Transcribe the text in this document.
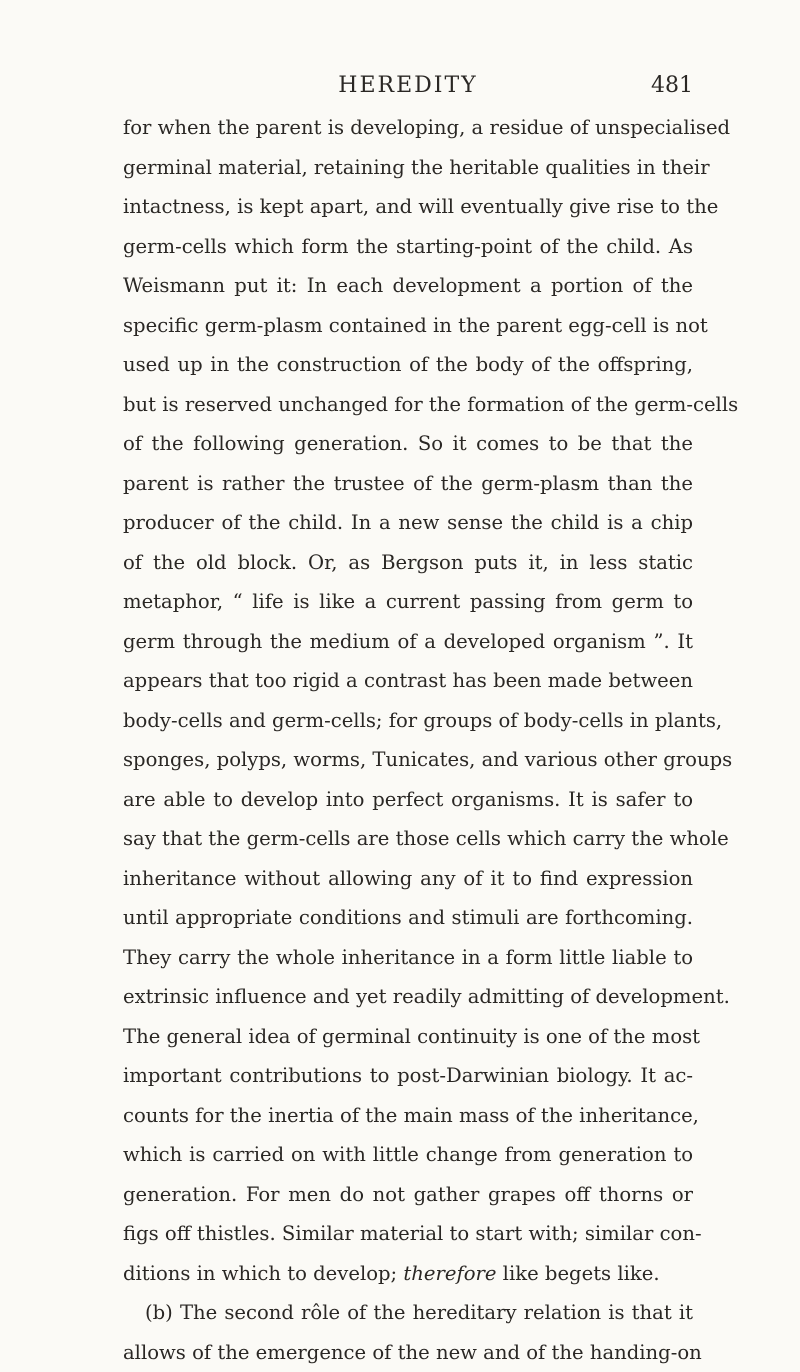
HEREDITY	481
for when the parent is developing, a residue of unspecialised
germinal material, retaining the heritable qualities in their
intactness, is kept apart, and will eventually give rise to the
germ-cells which form the starting-point of the child. As
Weismann put it: In each development a portion of the
specific germ-plasm contained in the parent egg-cell is not
used up in the construction of the body of the offspring,
but is reserved unchanged for the formation of the germ-cells
of the following generation. So it comes to be that the
parent is rather the trustee of the germ-plasm than the
producer of the child. In a new sense the child is a chip
of the old block. Or, as Bergson puts it, in less static
metaphor, “ life is like a current passing from germ to
germ through the medium of a developed organism ”. It
appears that too rigid a contrast has been made between
body-cells and germ-cells; for groups of body-cells in plants,
sponges, polyps, worms, Tunicates, and various other groups
are able to develop into perfect organisms. It is safer to
say that the germ-cells are those cells which carry the whole
inheritance without allowing any of it to find expression
until appropriate conditions and stimuli are forthcoming.
They carry the whole inheritance in a form little liable to
extrinsic influence and yet readily admitting of development.
The general idea of germinal continuity is one of the most
important contributions to post-Darwinian biology. It ac-
counts for the inertia of the main mass of the inheritance,
which is carried on with little change from generation to
generation. For men do not gather grapes off thorns or
figs off thistles. Similar material to start with; similar con-
ditions in which to develop; therefore like begets like.
(b) The second rôle of the hereditary relation is that it
allows of the emergence of the new and of the handing-on
